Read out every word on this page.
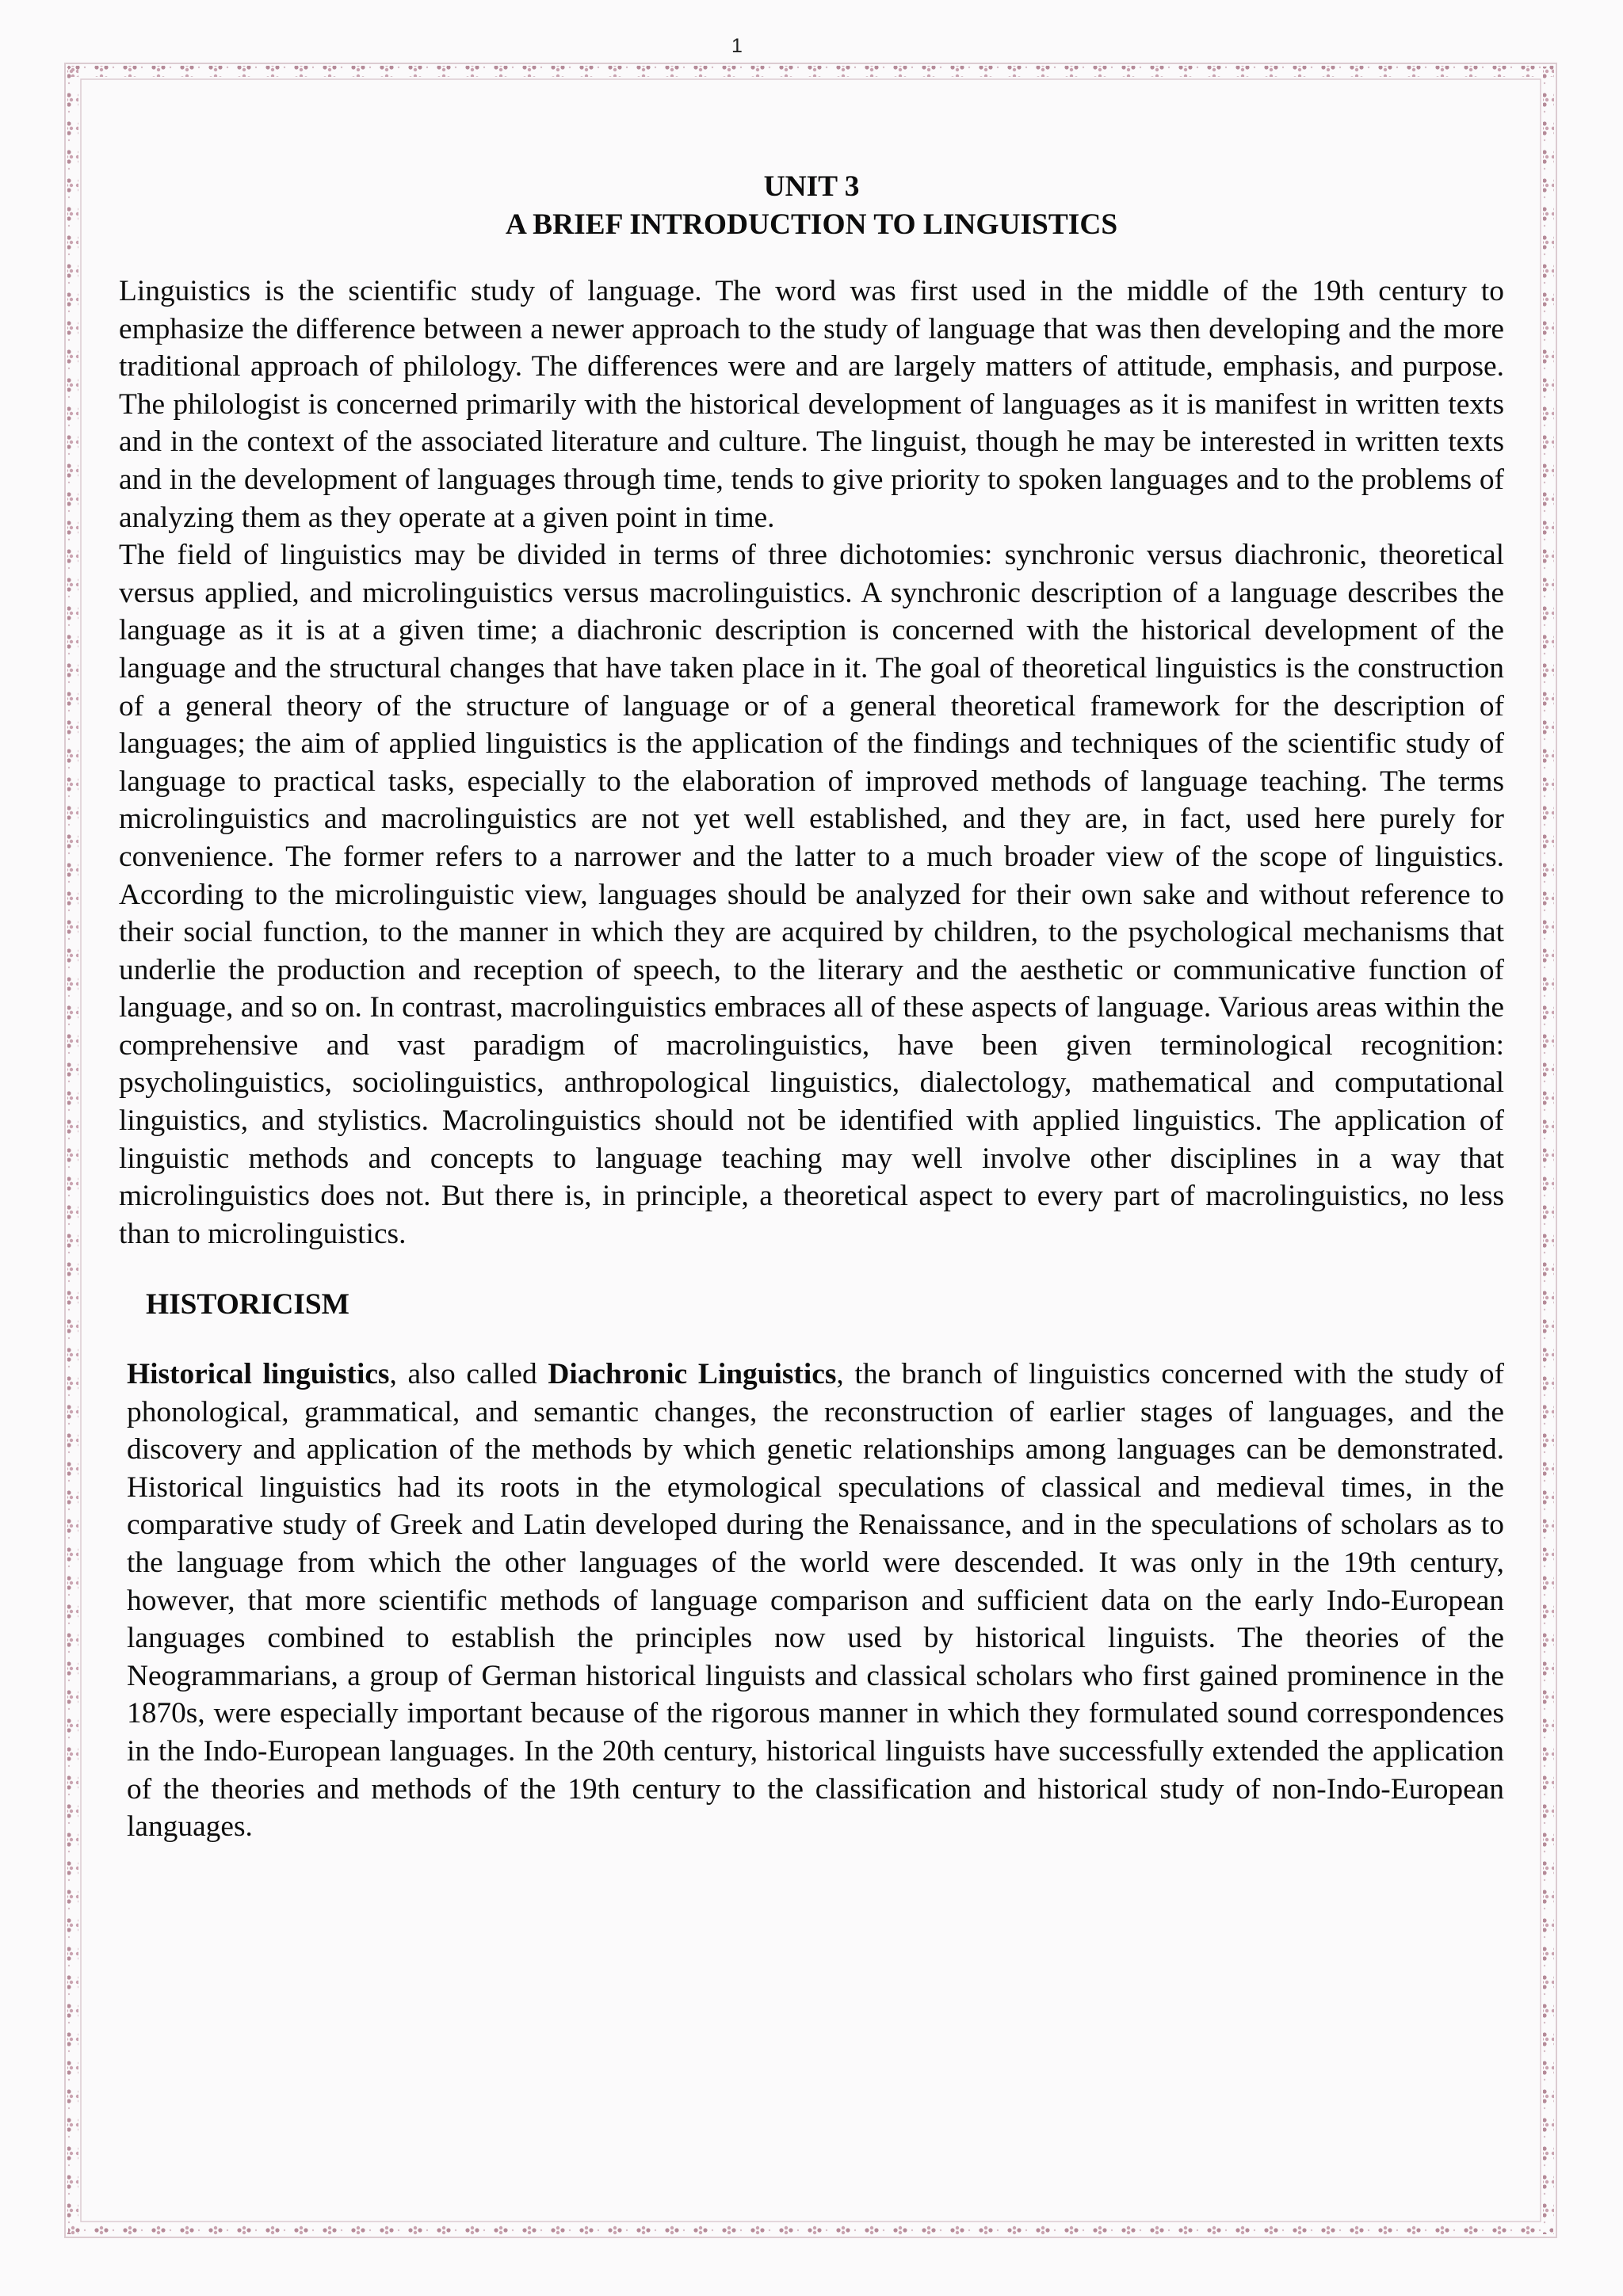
1
UNIT 3
A BRIEF INTRODUCTION TO LINGUISTICS

Linguistics is the scientific study of language. The word was first used in the middle of the 19th century to emphasize the difference between a newer approach to the study of language that was then developing and the more traditional approach of philology. The differences were and are largely matters of attitude, emphasis, and purpose. The philologist is concerned primarily with the historical development of languages as it is manifest in written texts and in the context of the associated literature and culture. The linguist, though he may be interested in written texts and in the development of languages through time, tends to give priority to spoken languages and to the problems of analyzing them as they operate at a given point in time.

The field of linguistics may be divided in terms of three dichotomies: synchronic versus diachronic, theoretical versus applied, and microlinguistics versus macrolinguistics. A synchronic description of a language describes the language as it is at a given time; a diachronic description is concerned with the historical development of the language and the structural changes that have taken place in it. The goal of theoretical linguistics is the construction of a general theory of the structure of language or of a general theoretical framework for the description of languages; the aim of applied linguistics is the application of the findings and techniques of the scientific study of language to practical tasks, especially to the elaboration of improved methods of language teaching. The terms microlinguistics and macrolinguistics are not yet well established, and they are, in fact, used here purely for convenience. The former refers to a narrower and the latter to a much broader view of the scope of linguistics. According to the microlinguistic view, languages should be analyzed for their own sake and without reference to their social function, to the manner in which they are acquired by children, to the psychological mechanisms that underlie the production and reception of speech, to the literary and the aesthetic or communicative function of language, and so on. In contrast, macrolinguistics embraces all of these aspects of language. Various areas within the comprehensive and vast paradigm of macrolinguistics, have been given terminological recognition: psycholinguistics, sociolinguistics, anthropological linguistics, dialectology, mathematical and computational linguistics, and stylistics. Macrolinguistics should not be identified with applied linguistics. The application of linguistic methods and concepts to language teaching may well involve other disciplines in a way that microlinguistics does not. But there is, in principle, a theoretical aspect to every part of macrolinguistics, no less than to microlinguistics.

HISTORICISM

Historical linguistics, also called Diachronic Linguistics, the branch of linguistics concerned with the study of phonological, grammatical, and semantic changes, the reconstruction of earlier stages of languages, and the discovery and application of the methods by which genetic relationships among languages can be demonstrated. Historical linguistics had its roots in the etymological speculations of classical and medieval times, in the comparative study of Greek and Latin developed during the Renaissance, and in the speculations of scholars as to the language from which the other languages of the world were descended. It was only in the 19th century, however, that more scientific methods of language comparison and sufficient data on the early Indo-European languages combined to establish the principles now used by historical linguists. The theories of the Neogrammarians, a group of German historical linguists and classical scholars who first gained prominence in the 1870s, were especially important because of the rigorous manner in which they formulated sound correspondences in the Indo-European languages. In the 20th century, historical linguists have successfully extended the application of the theories and methods of the 19th century to the classification and historical study of non-Indo-European languages.
